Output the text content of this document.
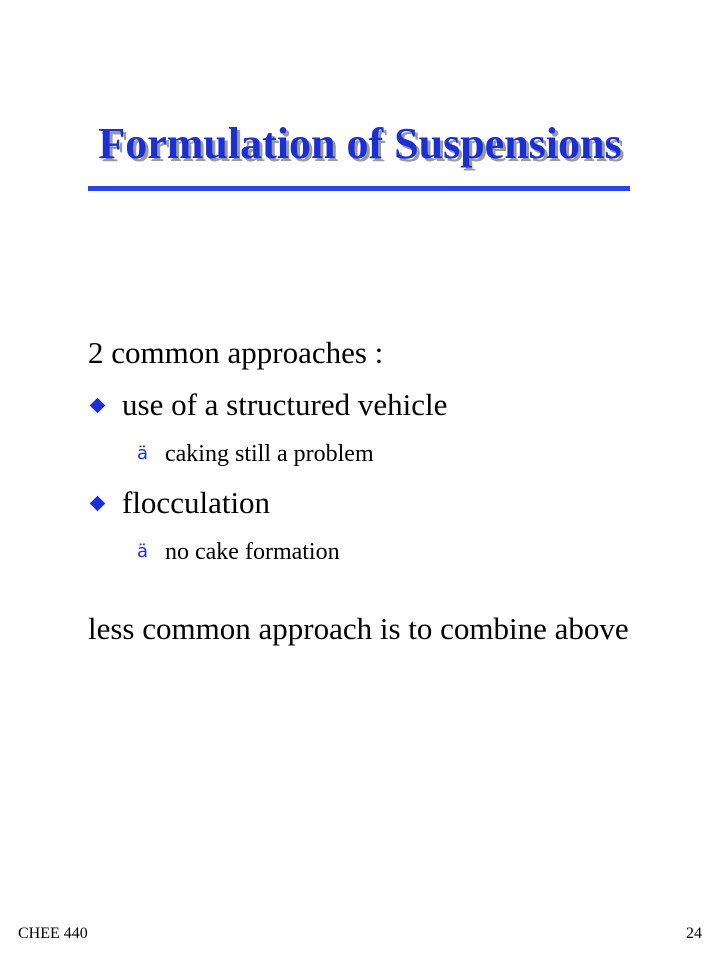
Formulation of Suspensions

2 common approaches :

use of a structured vehicle
ä caking still a problem
flocculation
ä no cake formation

less common approach is to combine above

CHEE 440	24
